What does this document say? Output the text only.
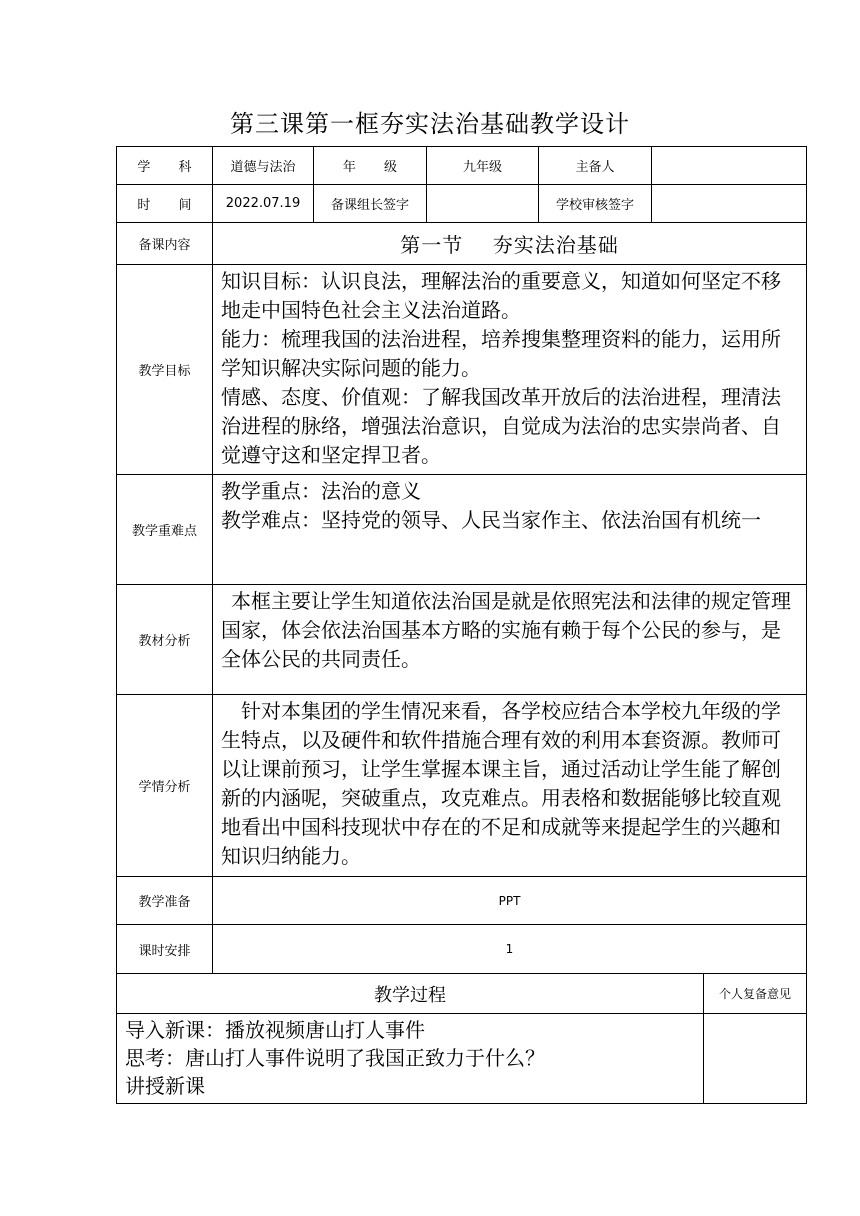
第三课第一框夯实法治基础教学设计
学 科	道德与法治	年 级	九年级	主备人	
时 间	2022.07.19	备课组长签字		学校审核签字	
备课内容	第一节    夯实法治基础				
教学目标	知识目标：认识良法，理解法治的重要意义，知道如何坚定不移地走中国特色社会主义法治道路。

能力：梳理我国的法治进程，培养搜集整理资料的能力，运用所学知识解决实际问题的能力。

情感、态度、价值观：了解我国改革开放后的法治进程，理清法治进程的脉络，增强法治意识，自觉成为法治的忠实崇尚者、自觉遵守这和坚定捍卫者。				

教学重难点	教学重点：法治的意义

教学难点：坚持党的领导、人民当家作主、依法治国有机统一				

教材分析	本框主要让学生知道依法治国是就是依照宪法和法律的规定管理国家，体会依法治国基本方略的实施有赖于每个公民的参与，是全体公民的共同责任。				

学情分析	针对本集团的学生情况来看，各学校应结合本学校九年级的学生特点，以及硬件和软件措施合理有效的利用本套资源。教师可以让课前预习，让学生掌握本课主旨，通过活动让学生能了解创新的内涵呢，突破重点，攻克难点。用表格和数据能够比较直观地看出中国科技现状中存在的不足和成就等来提起学生的兴趣和知识归纳能力。				

教学准备	PPT				
课时安排	1				
教学过程	个人复备意见

导入新课：播放视频唐山打人事件

思考：唐山打人事件说明了我国正致力于什么？

讲授新课	
